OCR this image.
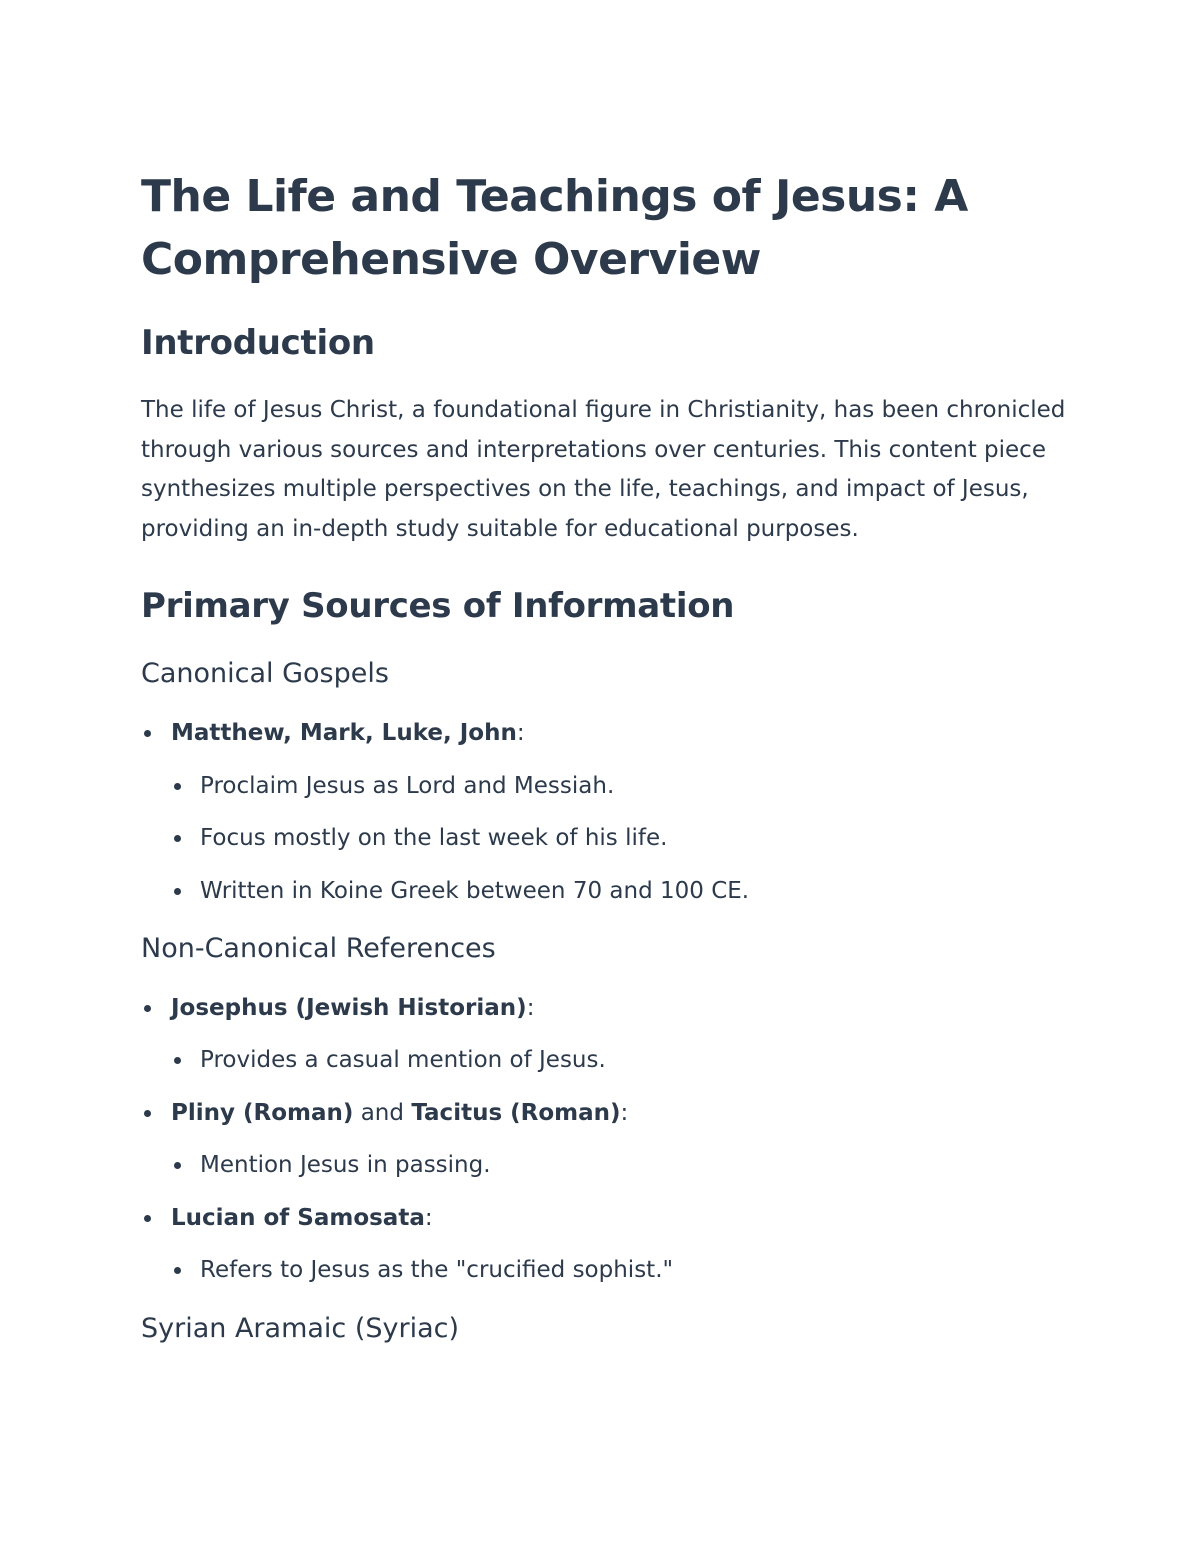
The Life and Teachings of Jesus: A Comprehensive Overview
Introduction

The life of Jesus Christ, a foundational figure in Christianity, has been chronicled through various sources and interpretations over centuries. This content piece synthesizes multiple perspectives on the life, teachings, and impact of Jesus, providing an in-depth study suitable for educational purposes.

Primary Sources of Information
Canonical Gospels
Matthew, Mark, Luke, John:
Proclaim Jesus as Lord and Messiah.
Focus mostly on the last week of his life.
Written in Koine Greek between 70 and 100 CE.
Non-Canonical References
Josephus (Jewish Historian):
Provides a casual mention of Jesus.
Pliny (Roman) and Tacitus (Roman):
Mention Jesus in passing.
Lucian of Samosata:
Refers to Jesus as the "crucified sophist."
Syrian Aramaic (Syriac)
